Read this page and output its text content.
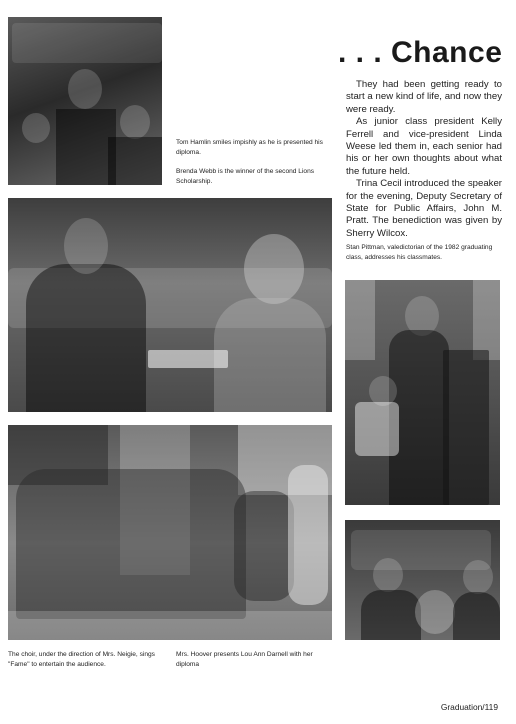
Tom Hamlin smiles impishly as he is presented his diploma.
Brenda Webb is the winner of the second Lions Scholarship.
. . . Chance

They had been getting ready to start a new kind of life, and now they were ready.

As junior class president Kelly Ferrell and vice-president Linda Weese led them in, each senior had his or her own thoughts about what the future held.

Trina Cecil introduced the speaker for the evening, Deputy Secretary of State for Public Affairs, John M. Pratt. The benediction was given by Sherry Wilcox.

Stan Pittman, valedictorian of the 1982 graduating class, addresses his classmates.
The choir, under the direction of Mrs. Neigie, sings "Fame" to entertain the audience.
Mrs. Hoover presents Lou Ann Darnell with her diploma
Graduation/119
